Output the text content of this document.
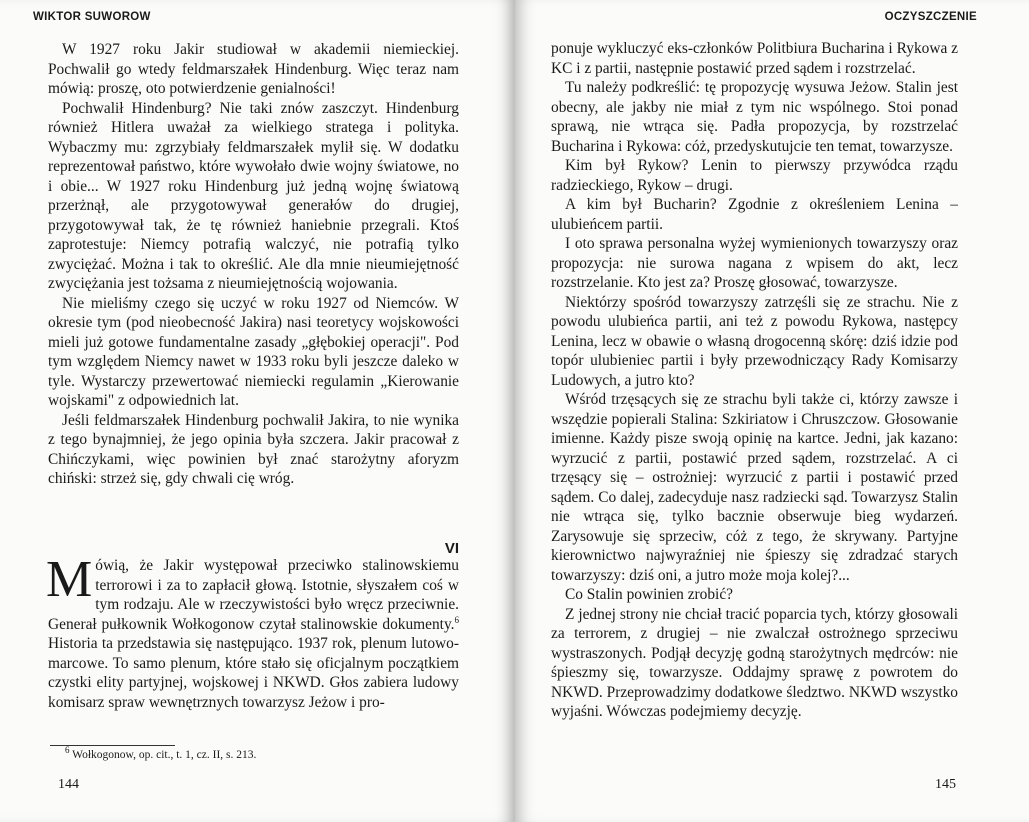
WIKTOR SUWOROW

W 1927 roku Jakir studiował w akademii niemieckiej. Pochwalił go wtedy feldmarszałek Hindenburg. Więc teraz nam mówią: proszę, oto potwierdzenie genialności!

Pochwalił Hindenburg? Nie taki znów zaszczyt. Hindenburg również Hitlera uważał za wielkiego stratega i polityka. Wybaczmy mu: zgrzybiały feldmarszałek mylił się. W dodatku reprezentował państwo, które wywołało dwie wojny światowe, no i obie... W 1927 roku Hindenburg już jedną wojnę światową przerżnął, ale przygotowywał generałów do drugiej, przygotowywał tak, że tę również haniebnie przegrali. Ktoś zaprotestuje: Niemcy potrafią walczyć, nie potrafią tylko zwyciężać. Można i tak to określić. Ale dla mnie nieumiejętność zwyciężania jest tożsama z nieumiejętnością wojowania.

Nie mieliśmy czego się uczyć w roku 1927 od Niemców. W okresie tym (pod nieobecność Jakira) nasi teoretycy wojskowości mieli już gotowe fundamentalne zasady „głębokiej operacji". Pod tym względem Niemcy nawet w 1933 roku byli jeszcze daleko w tyle. Wystarczy przewertować niemiecki regulamin „Kierowanie wojskami" z odpowiednich lat.

Jeśli feldmarszałek Hindenburg pochwalił Jakira, to nie wynika z tego bynajmniej, że jego opinia była szczera. Jakir pracował z Chińczykami, więc powinien był znać starożytny aforyzm chiński: strzeż się, gdy chwali cię wróg.

VI

Mówią, że Jakir występował przeciwko stalinowskiemu terrorowi i za to zapłacił głową. Istotnie, słyszałem coś w tym rodzaju. Ale w rzeczywistości było wręcz przeciwnie. Generał pułkownik Wołkogonow czytał stalinowskie dokumenty.$^6$ Historia ta przedstawia się następująco. 1937 rok, plenum lutowo-marcowe. To samo plenum, które stało się oficjalnym początkiem czystki elity partyjnej, wojskowej i NKWD. Głos zabiera ludowy komisarz spraw wewnętrznych towarzysz Jeżow i pro-

$^6$ Wołkogonow, op. cit., t. 1, cz. II, s. 213.
144
OCZYSZCZENIE

ponuje wykluczyć eks-członków Politbiura Bucharina i Rykowa z KC i z partii, następnie postawić przed sądem i rozstrzelać.

Tu należy podkreślić: tę propozycję wysuwa Jeżow. Stalin jest obecny, ale jakby nie miał z tym nic wspólnego. Stoi ponad sprawą, nie wtrąca się. Padła propozycja, by rozstrzelać Bucharina i Rykowa: cóż, przedyskutujcie ten temat, towarzysze.

Kim był Rykow? Lenin to pierwszy przywódca rządu radzieckiego, Rykow – drugi.

A kim był Bucharin? Zgodnie z określeniem Lenina – ulubieńcem partii.

I oto sprawa personalna wyżej wymienionych towarzyszy oraz propozycja: nie surowa nagana z wpisem do akt, lecz rozstrzelanie. Kto jest za? Proszę głosować, towarzysze.

Niektórzy spośród towarzyszy zatrzęśli się ze strachu. Nie z powodu ulubieńca partii, ani też z powodu Rykowa, następcy Lenina, lecz w obawie o własną drogocenną skórę: dziś idzie pod topór ulubieniec partii i były przewodniczący Rady Komisarzy Ludowych, a jutro kto?

Wśród trzęsących się ze strachu byli także ci, którzy zawsze i wszędzie popierali Stalina: Szkiriatow i Chruszczow. Głosowanie imienne. Każdy pisze swoją opinię na kartce. Jedni, jak kazano: wyrzucić z partii, postawić przed sądem, rozstrzelać. A ci trzęsący się – ostrożniej: wyrzucić z partii i postawić przed sądem. Co dalej, zadecyduje nasz radziecki sąd. Towarzysz Stalin nie wtrąca się, tylko bacznie obserwuje bieg wydarzeń. Zarysowuje się sprzeciw, cóż z tego, że skrywany. Partyjne kierownictwo najwyraźniej nie śpieszy się zdradzać starych towarzyszy: dziś oni, a jutro może moja kolej?...

Co Stalin powinien zrobić?

Z jednej strony nie chciał tracić poparcia tych, którzy głosowali za terrorem, z drugiej – nie zwalczał ostrożnego sprzeciwu wystraszonych. Podjął decyzję godną starożytnych mędrców: nie śpieszmy się, towarzysze. Oddajmy sprawę z powrotem do NKWD. Przeprowadzimy dodatkowe śledztwo. NKWD wszystko wyjaśni. Wówczas podejmiemy decyzję.

145
